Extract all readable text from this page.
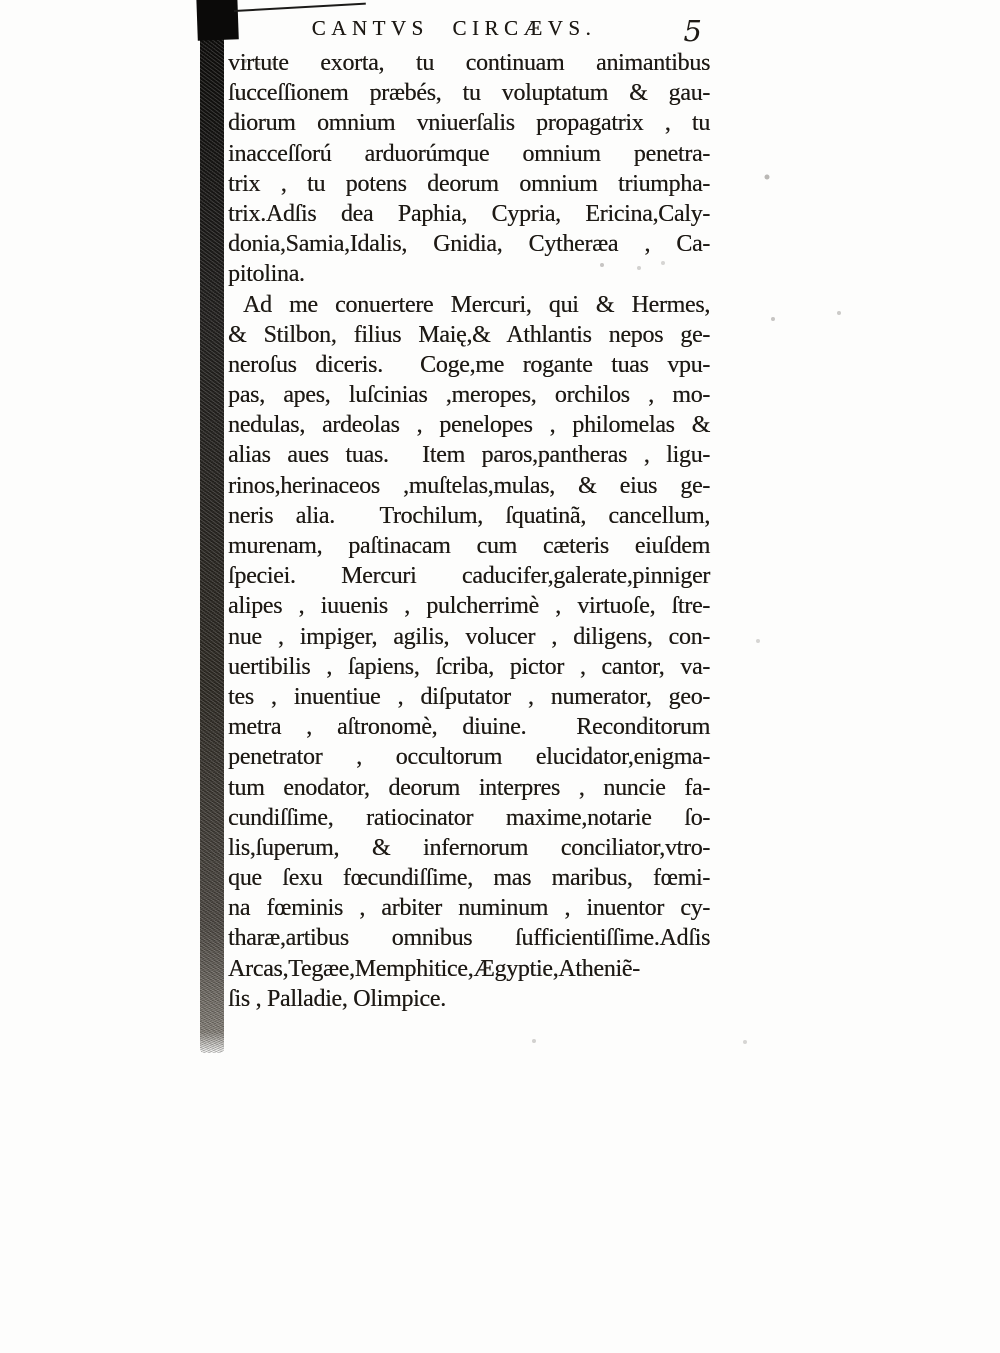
CANTVS CIRCÆVS.	5
virtute exorta, tu continuam animantibus
ſucceſſionem præbés, tu voluptatum & gau-
diorum omnium vniuerſalis propagatrix , tu
inacceſſorú arduorúmque omnium penetra-
trix , tu potens deorum omnium triumpha-
trix.Adſis dea Paphia, Cypria, Ericina,Caly-
donia,Samia,Idalis, Gnidia, Cytheræa , Ca-
pitolina.
Ad me conuertere Mercuri, qui & Hermes,
& Stilbon, filius Maię,& Athlantis nepos ge-
neroſus diceris.  Coge,me rogante tuas vpu-
pas, apes, luſcinias ,meropes, orchilos , mo-
nedulas, ardeolas , penelopes , philomelas &
alias aues tuas.  Item paros,pantheras , ligu-
rinos,herinaceos ,muſtelas,mulas, & eius ge-
neris alia.  Trochilum, ſquatinã, cancellum,
murenam, paſtinacam cum cæteris eiuſdem
ſpeciei. Mercuri caducifer,galerate,pinniger
alipes , iuuenis , pulcherrimè , virtuoſe, ſtre-
nue , impiger, agilis, volucer , diligens, con-
uertibilis , ſapiens, ſcriba, pictor , cantor, va-
tes , inuentiue , diſputator , numerator, geo-
metra , aſtronomè, diuine.  Reconditorum
penetrator , occultorum elucidator,enigma-
tum enodator, deorum interpres , nuncie fa-
cundiſſime, ratiocinator maxime,notarie ſo-
lis,ſuperum, & infernorum conciliator,vtro-
que ſexu fœcundiſſime, mas maribus, fœmi-
na fœminis , arbiter numinum , inuentor cy-
tharæ,artibus omnibus ſufficientiſſime.Adſis
Arcas,Tegæe,Memphitice,Ægyptie,Atheniẽ-
ſis , Palladie, Olimpice.
